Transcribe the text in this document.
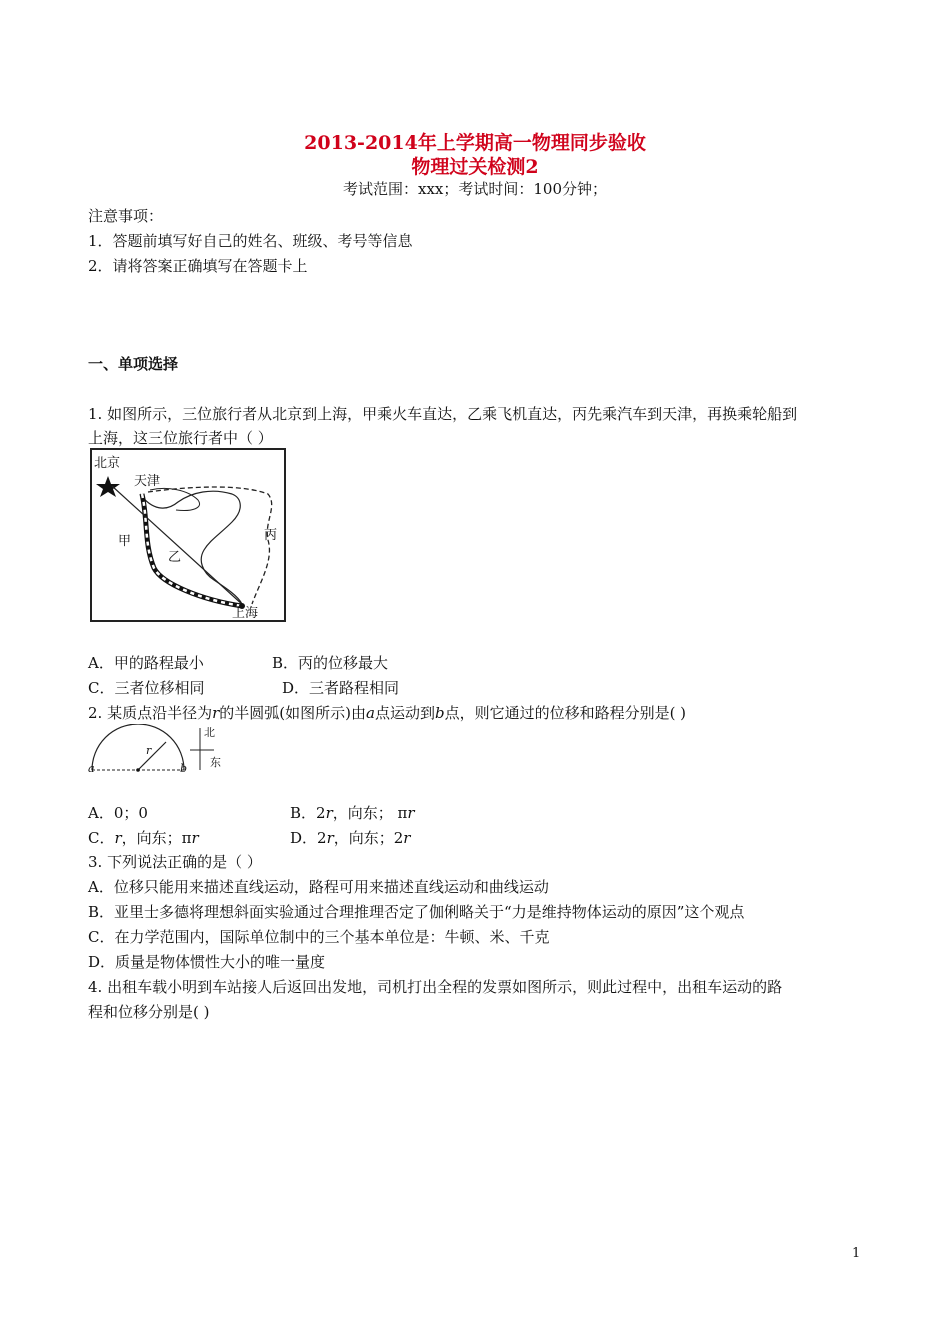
2013-2014年上学期高一物理同步验收
物理过关检测2
考试范围：xxx；考试时间：100分钟；
注意事项：
1．答题前填写好自己的姓名、班级、考号等信息
2．请将答案正确填写在答题卡上
一、单项选择
1. 如图所示，三位旅行者从北京到上海，甲乘火车直达，乙乘飞机直达，丙先乘汽车到天津，再换乘轮船到
上海，这三位旅行者中（ ）
北京
天津
甲
乙
丙
上海
A．甲的路程最小	B．丙的位移最大
C．三者位移相同	D．三者路程相同
2. 某质点沿半径为r的半圆弧(如图所示)由a点运动到b点，则它通过的位移和路程分别是( )
a	b
r
北
东
A．0；0	B．2r，向东； πr
C．r，向东；πr	D．2r，向东；2r
3. 下列说法正确的是（ ）
A．位移只能用来描述直线运动，路程可用来描述直线运动和曲线运动
B．亚里士多德将理想斜面实验通过合理推理否定了伽俐略关于“力是维持物体运动的原因”这个观点
C．在力学范围内，国际单位制中的三个基本单位是：牛顿、米、千克
D．质量是物体惯性大小的唯一量度
4. 出租车载小明到车站接人后返回出发地，司机打出全程的发票如图所示，则此过程中，出租车运动的路
程和位移分别是( )
1
